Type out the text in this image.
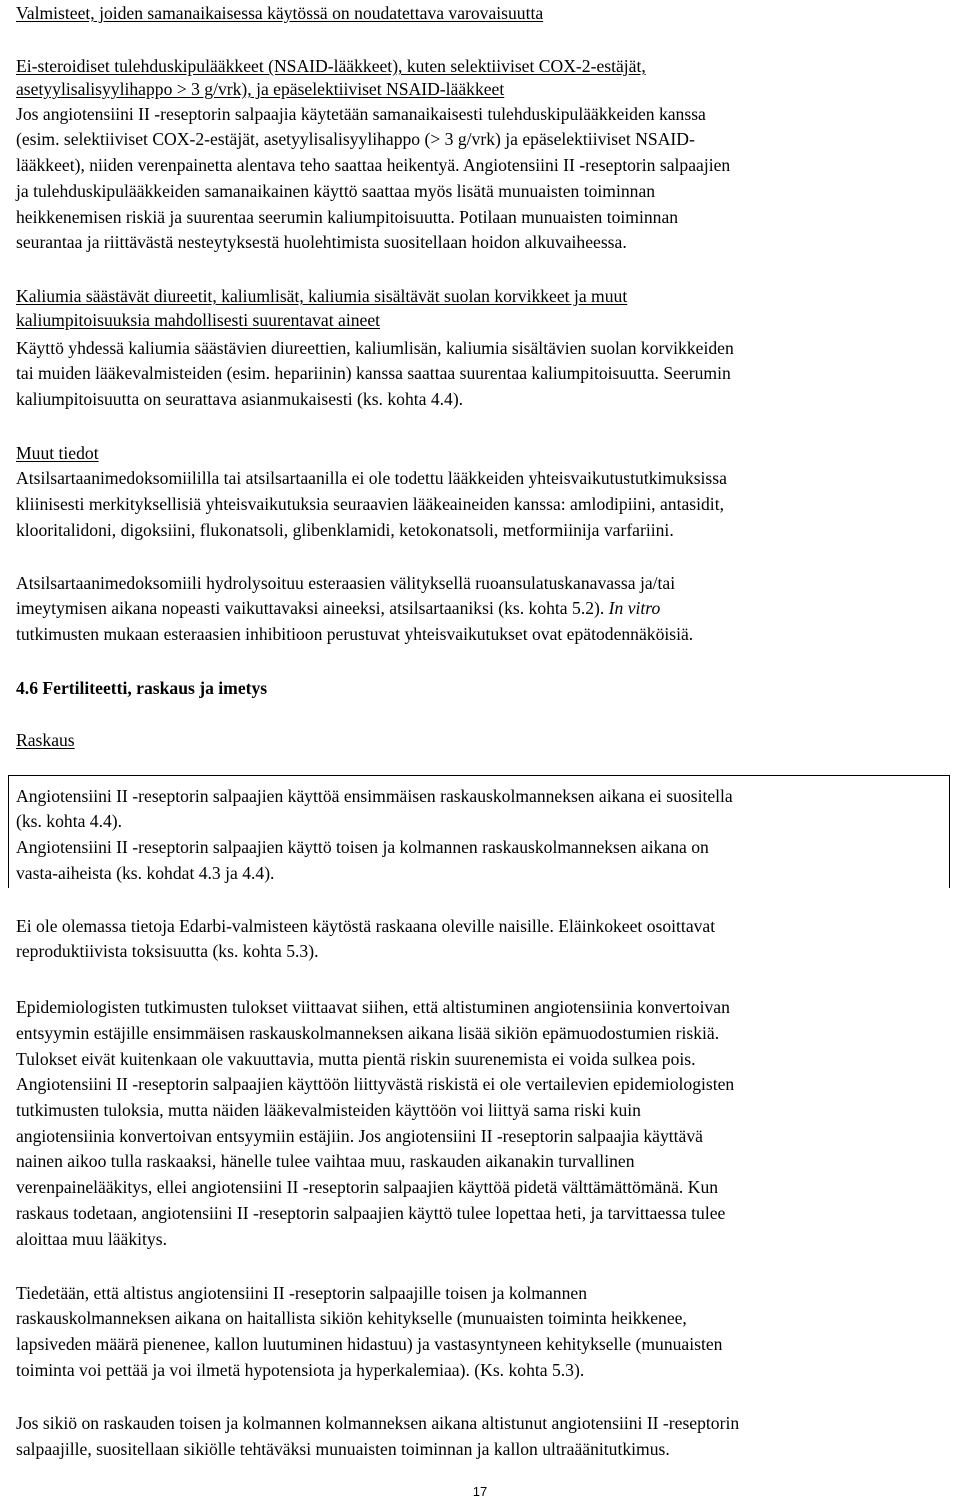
Valmisteet, joiden samanaikaisessa käytössä on noudatettava varovaisuutta
Ei-steroidiset tulehduskipulääkkeet (NSAID-lääkkeet), kuten selektiiviset COX-2-estäjät,
asetyylisalisyylihappo > 3 g/vrk), ja epäselektiiviset NSAID-lääkkeet
Jos angiotensiini II -reseptorin salpaajia käytetään samanaikaisesti tulehduskipulääkkeiden kanssa
(esim. selektiiviset COX-2-estäjät, asetyylisalisyylihappo (> 3 g/vrk) ja epäselektiiviset NSAID-
lääkkeet), niiden verenpainetta alentava teho saattaa heikentyä. Angiotensiini II -reseptorin salpaajien
ja tulehduskipulääkkeiden samanaikainen käyttö saattaa myös lisätä munuaisten toiminnan
heikkenemisen riskiä ja suurentaa seerumin kaliumpitoisuutta. Potilaan munuaisten toiminnan
seurantaa ja riittävästä nesteytyksestä huolehtimista suositellaan hoidon alkuvaiheessa.
Kaliumia säästävät diureetit, kaliumlisät, kaliumia sisältävät suolan korvikkeet ja muut
kaliumpitoisuuksia mahdollisesti suurentavat aineet
Käyttö yhdessä kaliumia säästävien diureettien, kaliumlisän, kaliumia sisältävien suolan korvikkeiden
tai muiden lääkevalmisteiden (esim. hepariinin) kanssa saattaa suurentaa kaliumpitoisuutta. Seerumin
kaliumpitoisuutta on seurattava asianmukaisesti (ks. kohta 4.4).
Muut tiedot
Atsilsartaanimedoksomiililla tai atsilsartaanilla ei ole todettu lääkkeiden yhteisvaikutustutkimuksissa
kliinisesti merkityksellisiä yhteisvaikutuksia seuraavien lääkeaineiden kanssa: amlodipiini, antasidit,
klooritalidoni, digoksiini, flukonatsoli, glibenklamidi, ketokonatsoli, metformiinija varfariini.
Atsilsartaanimedoksomiili hydrolysoituu esteraasien välityksellä ruoansulatuskanavassa ja/tai
imeytymisen aikana nopeasti vaikuttavaksi aineeksi, atsilsartaaniksi (ks. kohta 5.2). In vitro
tutkimusten mukaan esteraasien inhibitioon perustuvat yhteisvaikutukset ovat epätodennäköisiä.
4.6 Fertiliteetti, raskaus ja imetys
Raskaus
Angiotensiini II -reseptorin salpaajien käyttöä ensimmäisen raskauskolmanneksen aikana ei suositella
(ks. kohta 4.4).
Angiotensiini II -reseptorin salpaajien käyttö toisen ja kolmannen raskauskolmanneksen aikana on
vasta-aiheista (ks. kohdat 4.3 ja 4.4).
Ei ole olemassa tietoja Edarbi-valmisteen käytöstä raskaana oleville naisille. Eläinkokeet osoittavat
reproduktiivista toksisuutta (ks. kohta 5.3).
Epidemiologisten tutkimusten tulokset viittaavat siihen, että altistuminen angiotensiinia konvertoivan
entsyymin estäjille ensimmäisen raskauskolmanneksen aikana lisää sikiön epämuodostumien riskiä.
Tulokset eivät kuitenkaan ole vakuuttavia, mutta pientä riskin suurenemista ei voida sulkea pois.
Angiotensiini II -reseptorin salpaajien käyttöön liittyvästä riskistä ei ole vertailevien epidemiologisten
tutkimusten tuloksia, mutta näiden lääkevalmisteiden käyttöön voi liittyä sama riski kuin
angiotensiinia konvertoivan entsyymiin estäjiin. Jos angiotensiini II -reseptorin salpaajia käyttävä
nainen aikoo tulla raskaaksi, hänelle tulee vaihtaa muu, raskauden aikanakin turvallinen
verenpainelääkitys, ellei angiotensiini II -reseptorin salpaajien käyttöä pidetä välttämättömänä. Kun
raskaus todetaan, angiotensiini II -reseptorin salpaajien käyttö tulee lopettaa heti, ja tarvittaessa tulee
aloittaa muu lääkitys.
Tiedetään, että altistus angiotensiini II -reseptorin salpaajille toisen ja kolmannen
raskauskolmanneksen aikana on haitallista sikiön kehitykselle (munuaisten toiminta heikkenee,
lapsiveden määrä pienenee, kallon luutuminen hidastuu) ja vastasyntyneen kehitykselle (munuaisten
toiminta voi pettää ja voi ilmetä hypotensiota ja hyperkalemiaa). (Ks. kohta 5.3).
Jos sikiö on raskauden toisen ja kolmannen kolmanneksen aikana altistunut angiotensiini II -reseptorin
salpaajille, suositellaan sikiölle tehtäväksi munuaisten toiminnan ja kallon ultraäänitutkimus.
17
